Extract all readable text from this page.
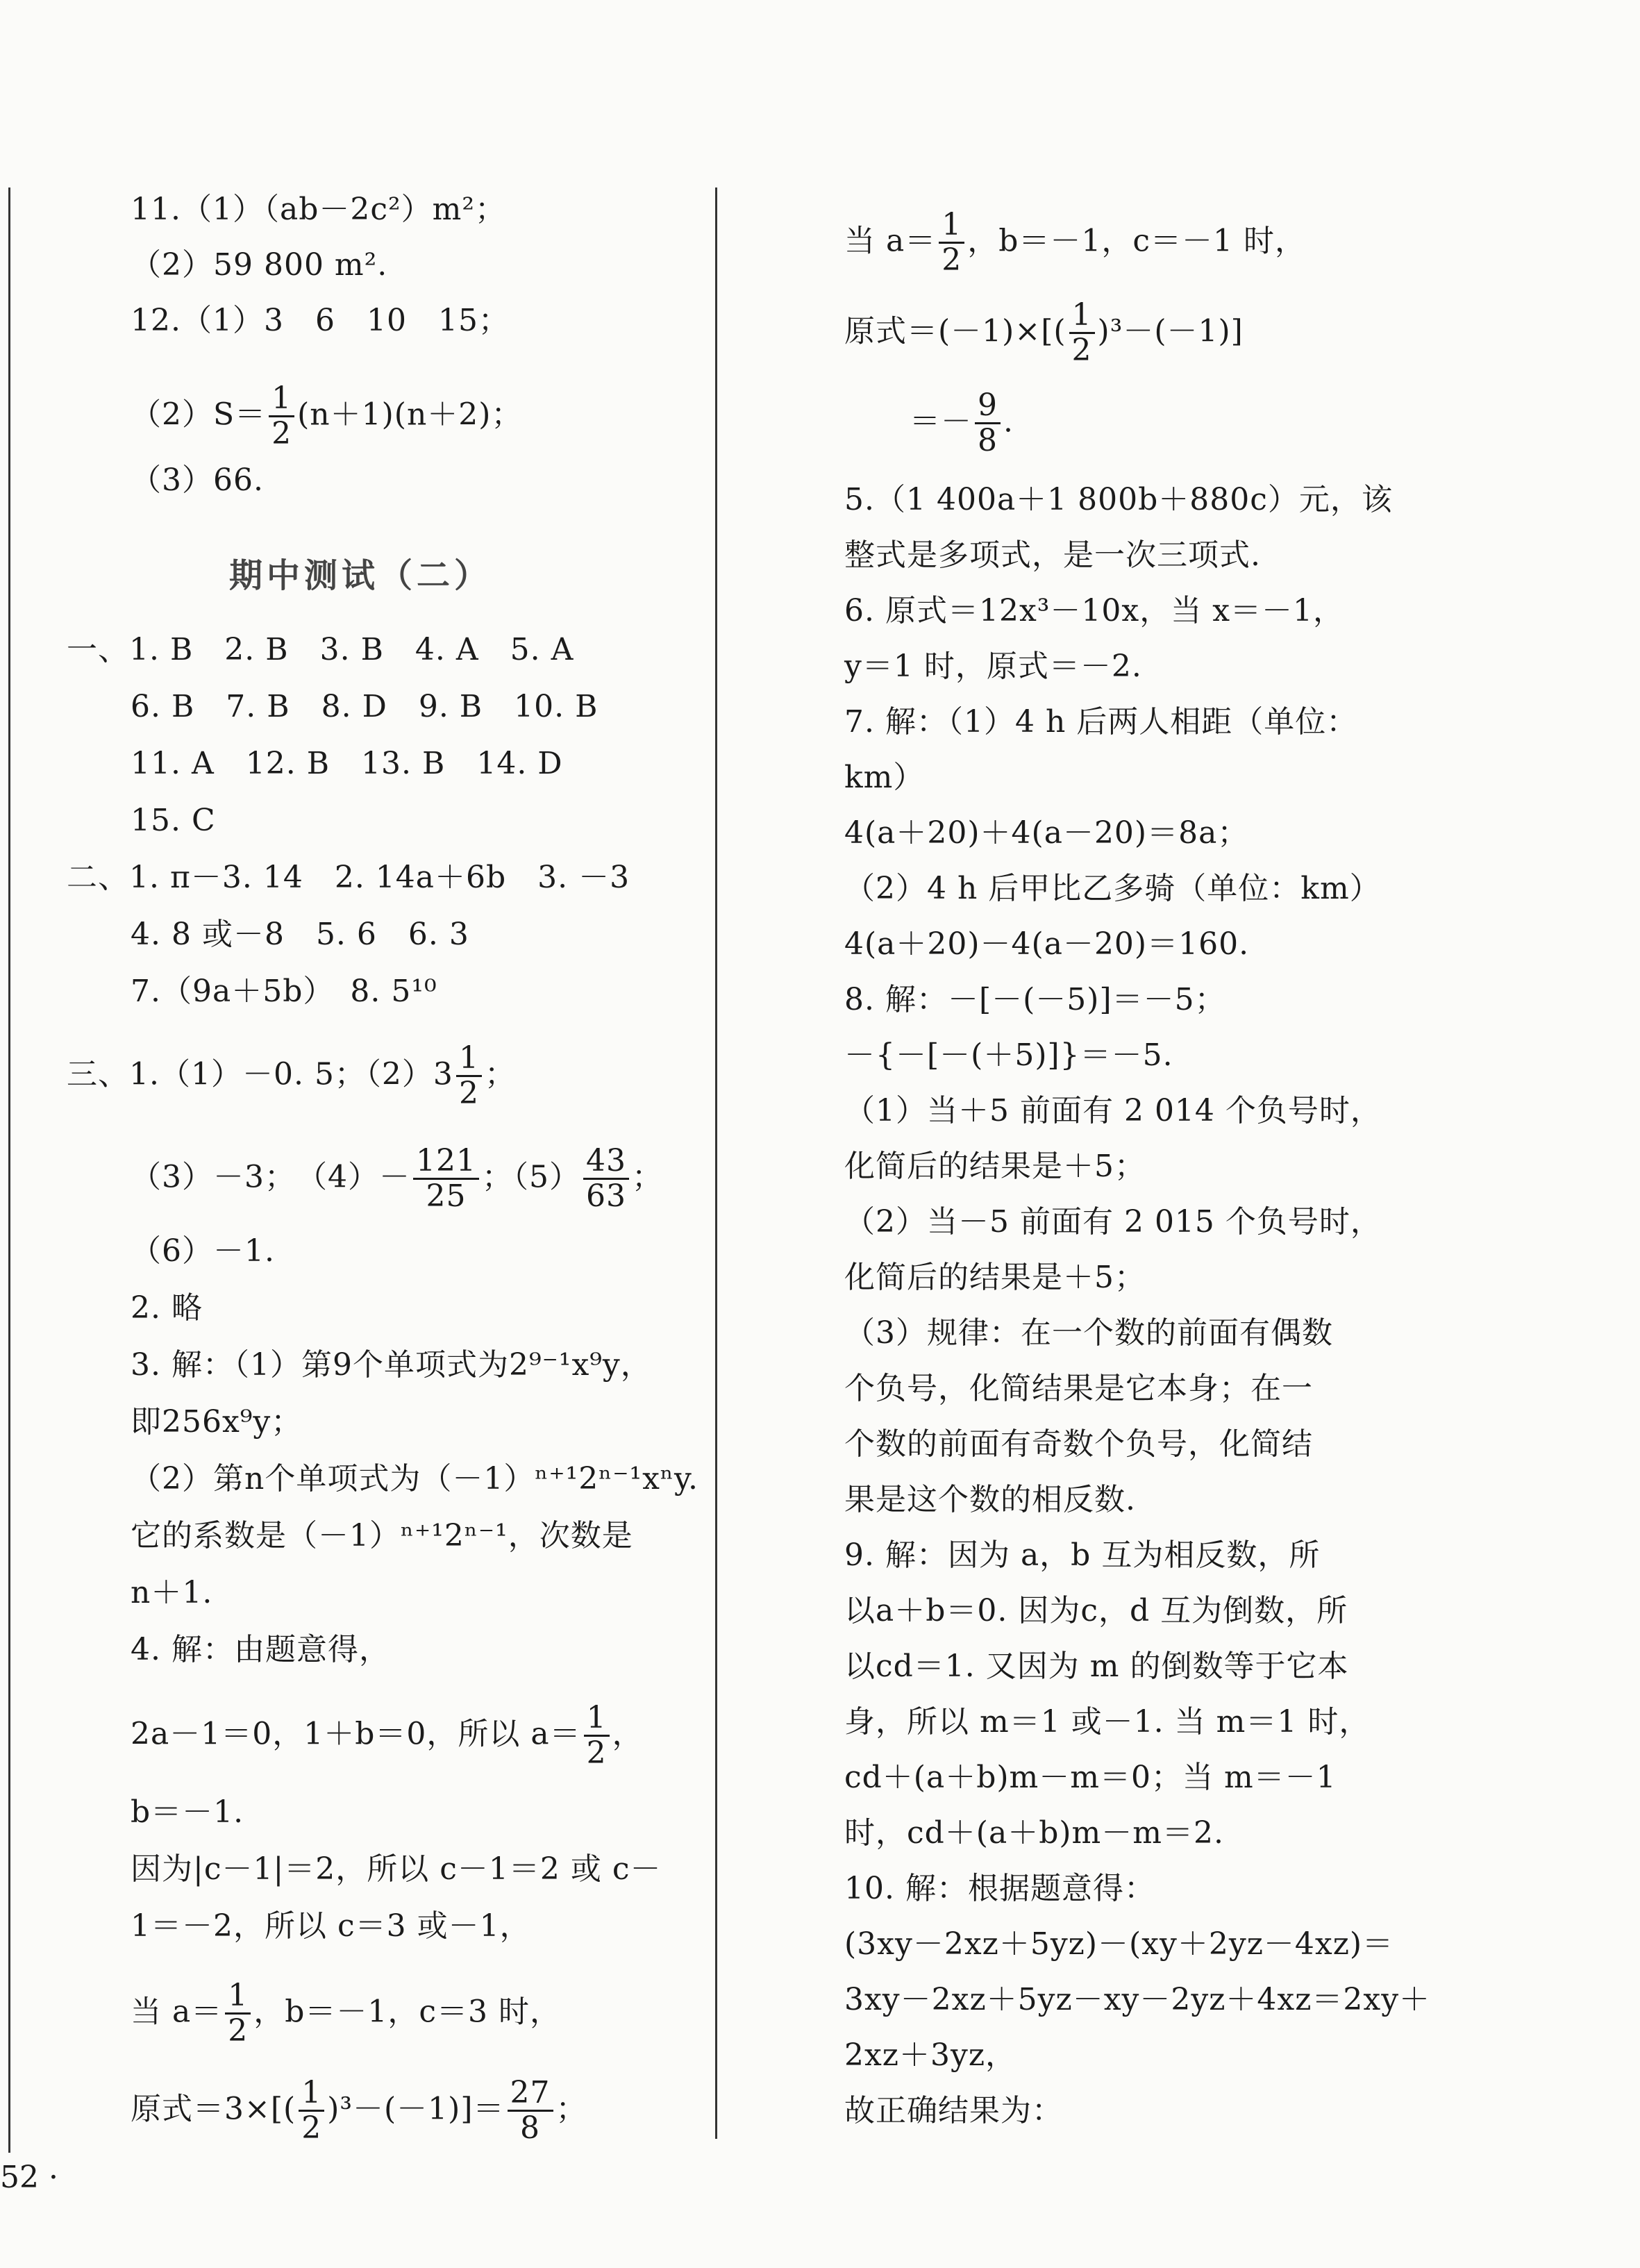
11.（1）（ab－2c²）m²；
（2）59 800 m².
12.（1）3　6　10　15；
$(2)S= \frac{1}{2} (n+1)(n+2)$；
（3）66.
期中测试（二）
一、1. B　2. B　3. B　4. A　5. A
6. B　7. B　8. D　9. B　10. B
11. A　12. B　13. B　14. D
15. C
二、1. π－3. 14　2. 14a＋6b　3. －3
4. 8 或－8　5. 6　6. 3
7.（9a＋5b）　8. 5¹⁰
三、1.（1）－0. 5；$(2)3 \frac{1}{2}$ ；
（3）－3；　$(4)- \frac{121}{25}$ ；$(5) \frac{43}{63}$ ；
（6）－1.
2. 略
3. 解：（1）第9个单项式为2⁹⁻¹x⁹y，
即256x⁹y；
（2）第n个单项式为（－1）ⁿ⁺¹2ⁿ⁻¹xⁿy.
它的系数是（－1）ⁿ⁺¹2ⁿ⁻¹，次数是
n＋1.
4. 解：由题意得，
2a－1＝0，1＋b＝0，所以 $a= \frac{1}{2}$ ，
b＝－1.
因为|c－1|＝2，所以 c－1＝2 或 c－
1＝－2，所以 c＝3 或－1，
当 $a= \frac{1}{2}$ ，b＝－1，c＝3 时，
原式$=3\times[( \frac{1}{2} )^3-(-1)]= \frac{27}{8}$ ；
当 $a= \frac{1}{2}$ ，b＝－1，c＝－1 时，
原式$=(-1)\times[( \frac{1}{2} )^3-(-1)]$
＝－ $\frac{9}{8}$ .
5.（1 400a＋1 800b＋880c）元，该
整式是多项式，是一次三项式.
6. 原式＝12x³－10x，当 x＝－1，
y＝1 时，原式＝－2.
7. 解：（1）4 h 后两人相距（单位：
km）
4(a＋20)＋4(a－20)＝8a；
（2）4 h 后甲比乙多骑（单位：km）
4(a＋20)－4(a－20)＝160.
8. 解：－[－(－5)]＝－5；
－{－[－(＋5)]}＝－5.
（1）当＋5 前面有 2 014 个负号时，
化简后的结果是＋5；
（2）当－5 前面有 2 015 个负号时，
化简后的结果是＋5；
（3）规律：在一个数的前面有偶数
个负号，化简结果是它本身；在一
个数的前面有奇数个负号，化简结
果是这个数的相反数.
9. 解：因为 a，b 互为相反数，所
以a＋b＝0. 因为c，d 互为倒数，所
以cd＝1. 又因为 m 的倒数等于它本
身，所以 m＝1 或－1. 当 m＝1 时，
cd＋(a＋b)m－m＝0；当 m＝－1
时，cd＋(a＋b)m－m＝2.
10. 解：根据题意得：
(3xy－2xz＋5yz)－(xy＋2yz－4xz)＝
3xy－2xz＋5yz－xy－2yz＋4xz＝2xy＋
2xz＋3yz，
故正确结果为：
52 ·
